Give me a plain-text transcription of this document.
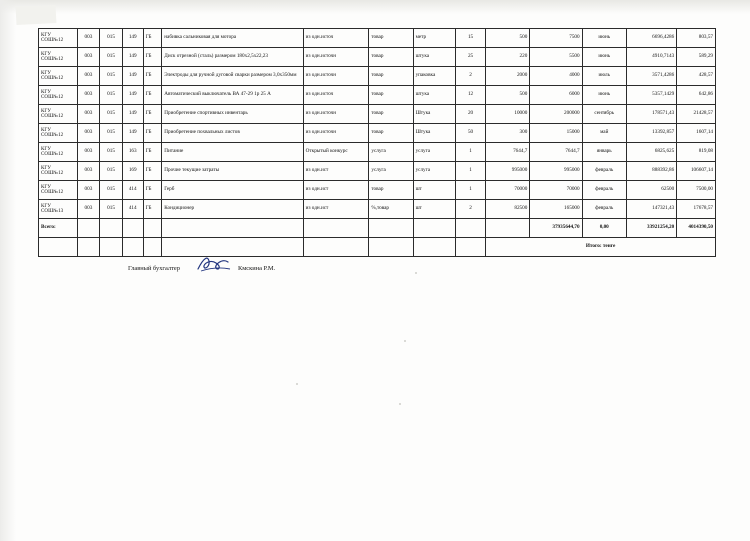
КГУ
СОШ№12	003	015	149	ГБ	набивка сальниковая для мотора	из одн.источ	товар	метр	15	500	7500	июнь	6696,4286	803,57

КГУ
СОШ№12	003	015	149	ГБ	Диск отрезной (сталь) размером 180х2,5х22,23	из одн.источн	товар	штука	25	220	5500	июнь	4910,7143	589,29

КГУ
СОШ№12	003	015	149	ГБ	Электроды для ручной дуговой сварки размером 3,0х350мм	из одн.источн	товар	упаковка	2	2000	4000	июль	3571,4286	428,57

КГУ
СОШ№12	003	015	149	ГБ	Автоматический выключатель ВА 47-29 1р 25 А	из одн.источ	товар	штука	12	500	6000	июнь	5357,1429	642,86

КГУ
СОШ№12	003	015	149	ГБ	Приобретение спортивных инвентарь	из одн.источн	товар	Штука	20	10000	200000	сентябрь	178571,43	21428,57

КГУ
СОШ№12	003	015	149	ГБ	Приобретение похвальных листов	из одн.источн	товар	Штука	50	300	15000	май	13392,857	1607,14

КГУ
СОШ№12	003	015	163	ГБ	Питание	Открытый конкурс	услуга	услуга	1	7644,7	7644,7	январь	6825,625	819,08

КГУ
СОШ№12	003	015	169	ГБ	Прочие текущие затраты	из одн.ист	услуга	услуга	1	995000	995000	февраль	888392,86	106607,14

КГУ
СОШ№12	003	015	414	ГБ	Герб	из одн.ист	товар	шт	1	70000	70000	февраль	62500	7500,00

КГУ
СОШ№13	003	015	414	ГБ	Кондиционер	из одн.ист	%,товар	шт	2	82500	165000	февраль	147321,43	17678,57
Всего:											37935644,70	0,00	33921254,20	4014390,50
										Итого: тенге				
Главный бухгалтер	Кмскина Р.М.
